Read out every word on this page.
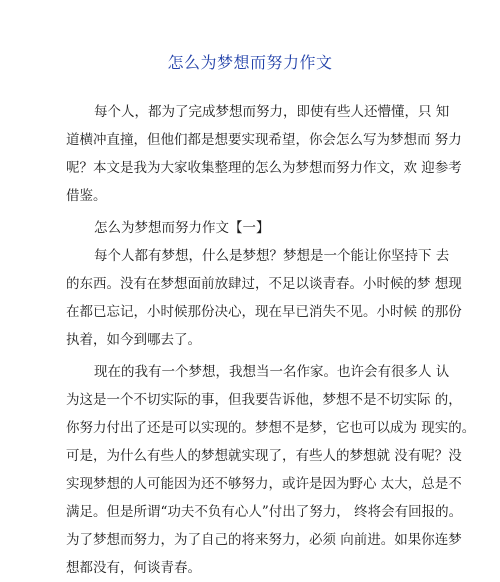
怎么为梦想而努力作文
每个人，都为了完成梦想而努力，即使有些人还懵懂，只 知
道横冲直撞，但他们都是想要实现希望，你会怎么写为梦想而 努力
呢？本文是我为大家收集整理的怎么为梦想而努力作文，欢 迎参考
借鉴。
怎么为梦想而努力作文【一】
每个人都有梦想，什么是梦想？梦想是一个能让你坚持下 去
的东西。没有在梦想面前放肆过，不足以谈青春。小时候的梦 想现
在都已忘记，小时候那份决心，现在早已消失不见。小时候 的那份
执着，如今到哪去了。
现在的我有一个梦想，我想当一名作家。也许会有很多人 认
为这是一个不切实际的事，但我要告诉他，梦想不是不切实际 的，
你努力付出了还是可以实现的。梦想不是梦，它也可以成为 现实的。
可是，为什么有些人的梦想就实现了，有些人的梦想就 没有呢？没
实现梦想的人可能因为还不够努力，或许是因为野心 太大，总是不
满足。但是所谓“功夫不负有心人”付出了努力， 终将会有回报的。
为了梦想而努力，为了自己的将来努力，必须 向前进。如果你连梦
想都没有，何谈青春。
